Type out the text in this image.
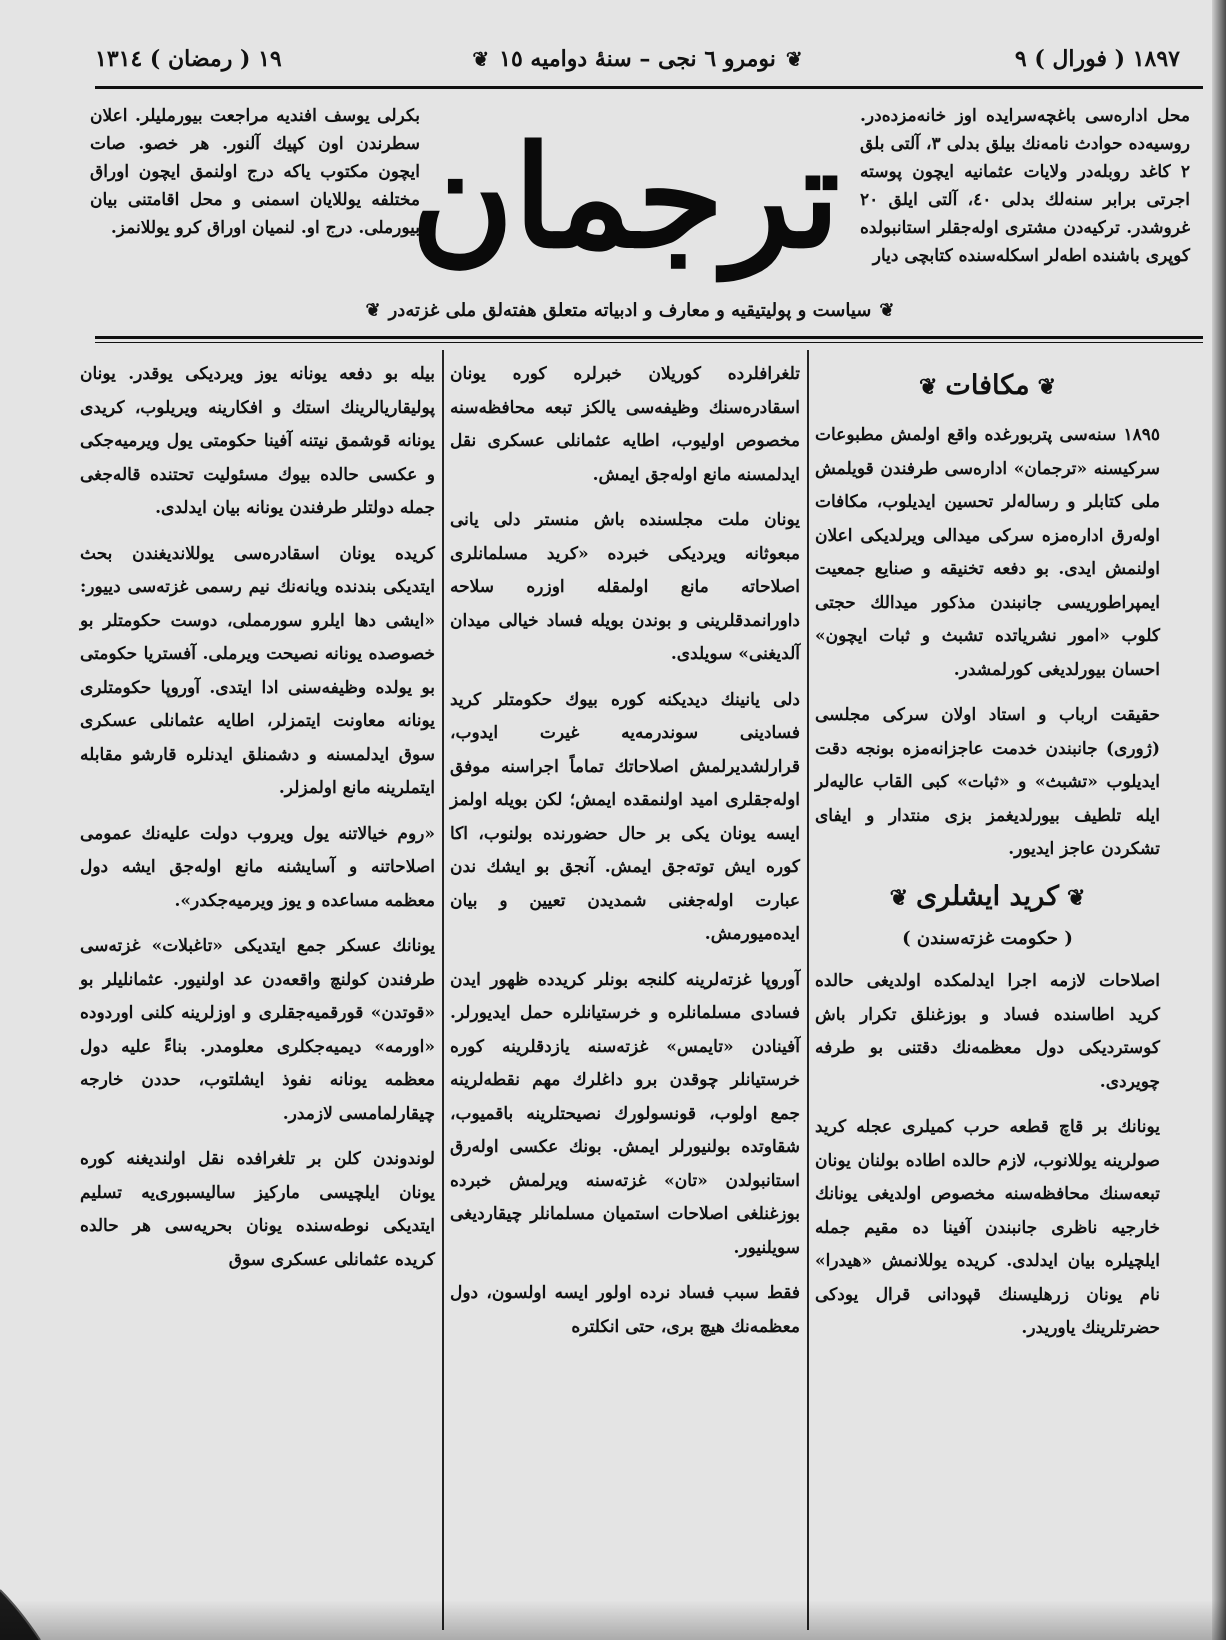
١٨٩٧ ( فورال ) ٩
❦نومرو ٦ نجی – سنهٔ دوامیه ١٥❦
١٩ ( رمضان ) ١٣١٤

محل اداره‌سی باغچه‌سرایده اوز خانه‌مزده‌در. روسیه‌ده حوادث نامه‌نك بیلق بدلی ٣، آلتی بلق ٢ کاغد روبله‌در ولایات عثمانیه ایچون پوسته اجرتی برابر سنه‌لك بدلی ٤٠، آلتی ایلق ٢٠ غروشدر. ترکیه‌دن مشتری اوله‌جقلر استانبولده کوپری باشنده اطه‌لر اسکله‌سنده کتابچی دیار

بکرلی یوسف افندیه مراجعت بیورملیلر. اعلان سطرندن اون کپیك آلنور. هر خصو. صات ایچون مکتوب یاکه درج اولنمق ایچون اوراق مختلفه یوللایان اسمنی و محل اقامتنی بیان بیورملی. درج او. لنمیان اوراق کرو یوللانمز.

ترجمان
❦سیاست و پولیتیقیه و معارف و ادبیاته متعلق هفته‌لق ملی غزته‌در❦
❦مکافات❦

١٨٩٥ سنه‌سی پتربورغده واقع اولمش مطبوعات سرکیسنه «ترجمان» اداره‌سی طرفندن قویلمش ملی کتابلر و رساله‌لر تحسین ایدیلوب، مکافات اوله‌رق اداره‌مزه سرکی میدالی ویرلدیکی اعلان اولنمش ایدی. بو دفعه تخنیقه و صنایع جمعیت ایمپراطوریسی جانبندن مذکور میدالك حجتی کلوب «امور نشریاتده تشبث و ثبات ایچون» احسان بیورلدیغی کورلمشدر.

حقیقت ارباب و استاد اولان سرکی مجلسی (ژوری) جانبندن خدمت عاجزانه‌مزه بونجه دقت ایدیلوب «تشبث» و «ثبات» کبی القاب عالیه‌لر ایله تلطیف بیورلدیغمز بزی منتدار و ایفای تشکردن عاجز ایدیور.

❦کرید ایشلری❦
( حکومت غزته‌سندن )

اصلاحات لازمه اجرا ایدلمکده اولدیغی حالده کرید اطاسنده فساد و بوزغنلق تکرار باش کوستردیکی دول معظمه‌نك دقتنی بو طرفه چویردی.

یونانك بر قاچ قطعه حرب کمیلری عجله کرید صولرینه یوللانوب، لازم حالده اطاده بولنان یونان تبعه‌سنك محافظه‌سنه مخصوص اولدیغی یونانك خارجیه ناظری جانبندن آفینا ده مقیم جمله ایلچیلره بیان ایدلدی. کریده یوللانمش «هیدرا» نام یونان زرهلیسنك قپودانی قرال یودکی حضرتلرینك یاوریدر.

تلغرافلرده کوریلان خبرلره کوره یونان اسقادره‌سنك وظیفه‌سی یالکز تبعه محافظه‌سنه مخصوص اولیوب، اطایه عثمانلی عسکری نقل ایدلمسنه مانع اوله‌جق ایمش.

یونان ملت مجلسنده باش منستر دلی یانی مبعوثانه ویردیکی خبرده «کرید مسلمانلری اصلاحاته مانع اولمقله اوزره سلاحه داورانمدقلرینی و بوندن بویله فساد خیالی میدان آلدیغنی» سویلدی.

دلی یانینك دیدیکنه کوره بیوك حکومتلر کرید فسادینی سوندرمه‌یه غیرت ایدوب، قرارلشدیرلمش اصلاحاتك تماماً اجراسنه موفق اوله‌جقلری امید اولنمقده ایمش؛ لکن بویله اولمز ایسه یونان یکی بر حال حضورنده بولنوب، اکا کوره ایش توته‌جق ایمش. آنجق بو ایشك ندن عبارت اوله‌جغنی شمدیدن تعیین و بیان ایده‌میورمش.

آوروپا غزته‌لرینه کلنجه بونلر کریدده ظهور ایدن فسادی مسلمانلره و خرستیانلره حمل ایدیورلر. آفینادن «تایمس» غزته‌سنه یازدقلرینه کوره خرستیانلر چوقدن برو داغلرك مهم نقطه‌لرینه جمع اولوب، قونسولورك نصیحتلرینه باقمیوب، شقاوتده بولنیورلر ایمش. بونك عکسی اوله‌رق استانبولدن «تان» غزته‌سنه ویرلمش خبرده بوزغنلغی اصلاحات استمیان مسلمانلر چیقاردیغی سویلنیور.

فقط سبب فساد نرده اولور ایسه اولسون، دول معظمه‌نك هیچ بری، حتی انکلتره

بیله بو دفعه یونانه یوز ویردیکی یوقدر. یونان پولیقاریالرینك استك و افکارینه ویریلوب، کریدی یونانه قوشمق نیتنه آفینا حکومتی یول ویرمیه‌جکی و عکسی حالده بیوك مسئولیت تحتنده قاله‌جغی جمله دولتلر طرفندن یونانه بیان ایدلدی.

کریده یونان اسقادره‌سی یوللاندیغندن بحث ایتدیکی بندنده ویانه‌نك نیم رسمی غزته‌سی دییور: «ایشی دها ایلرو سورمملی، دوست حکومتلر بو خصوصده یونانه نصیحت ویرملی. آفستریا حکومتی بو یولده وظیفه‌سنی ادا ایتدی. آوروپا حکومتلری یونانه معاونت ایتمزلر، اطایه عثمانلی عسکری سوق ایدلمسنه و دشمنلق ایدنلره قارشو مقابله ایتملرینه مانع اولمزلر.

«روم خیالاتنه یول ویروب دولت علیه‌نك عمومی اصلاحاتنه و آسایشنه مانع اوله‌جق ایشه دول معظمه مساعده و یوز ویرمیه‌جکدر».

یونانك عسکر جمع ایتدیکی «تاغبلات» غزته‌سی طرفندن کولنچ واقعه‌دن عد اولنیور. عثمانلیلر بو «قوتدن» قورقمیه‌جقلری و اوزلرینه کلنی اوردوده «اورمه» دیمیه‌جکلری معلومدر. بناءً علیه دول معظمه یونانه نفوذ ایشلتوب، حددن خارجه چیقارلمامسی لازمدر.

لوندوندن کلن بر تلغرافده نقل اولندیغنه کوره یونان ایلچیسی مارکیز سالیسبوری‌یه تسلیم ایتدیکی نوطه‌سنده یونان بحریه‌سی هر حالده کریده عثمانلی عسکری سوق
